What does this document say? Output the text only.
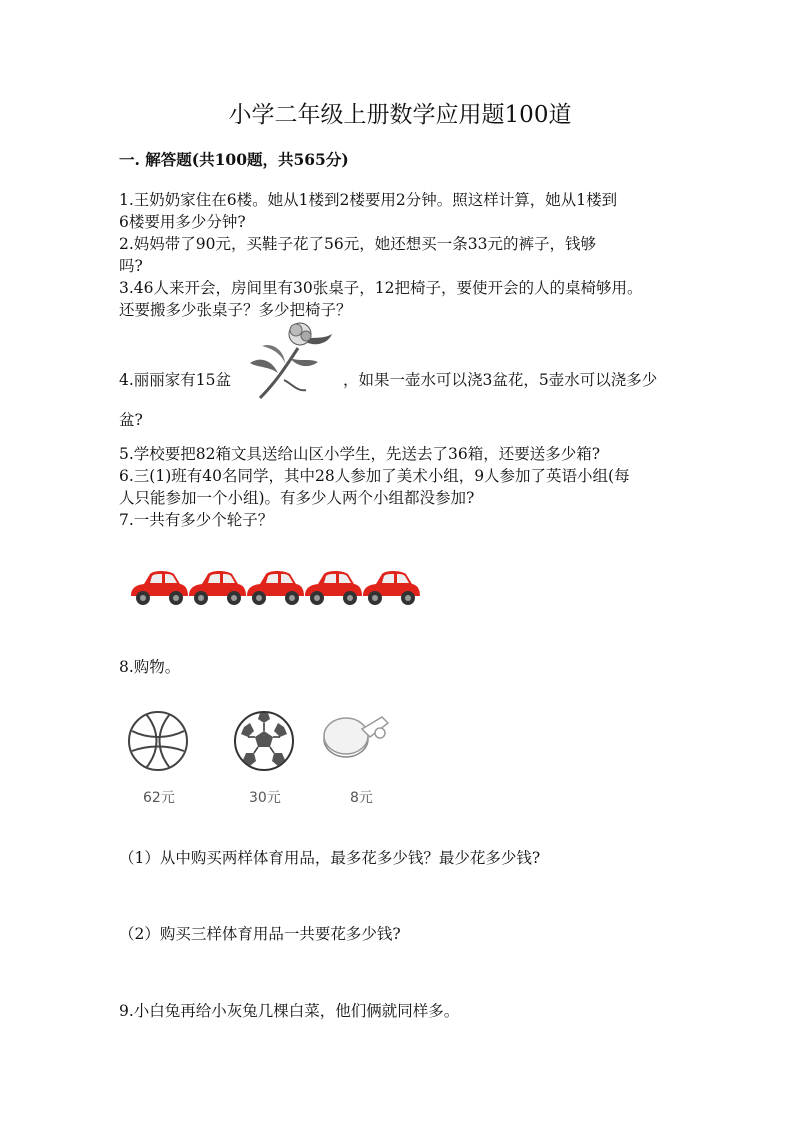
小学二年级上册数学应用题100道
一. 解答题(共100题，共565分)
1.王奶奶家住在6楼。她从1楼到2楼要用2分钟。照这样计算，她从1楼到
6楼要用多少分钟?
2.妈妈带了90元，买鞋子花了56元，她还想买一条33元的裤子，钱够
吗?
3.46人来开会，房间里有30张桌子，12把椅子，要使开会的人的桌椅够用。
还要搬多少张桌子？多少把椅子？
4.丽丽家有15盆	，如果一壶水可以浇3盆花，5壶水可以浇多少
盆?
5.学校要把82箱文具送给山区小学生，先送去了36箱，还要送多少箱?
6.三(1)班有40名同学，其中28人参加了美术小组，9人参加了英语小组(每
人只能参加一个小组)。有多少人两个小组都没参加?
7.一共有多少个轮子？
8.购物。
62元	30元	8元
（1）从中购买两样体育用品，最多花多少钱？最少花多少钱?
（2）购买三样体育用品一共要花多少钱?
9.小白兔再给小灰兔几棵白菜，他们俩就同样多。
